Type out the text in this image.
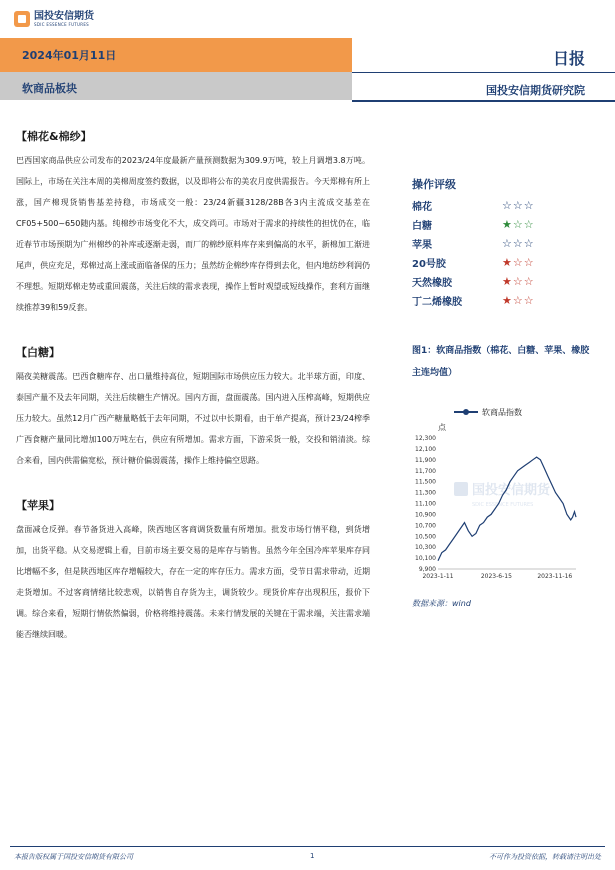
国投安信期货
SDIC ESSENCE FUTURES
2024年01月11日
软商品板块
日报
国投安信期货研究院
【棉花&棉纱】

巴西国家商品供应公司发布的2023/24年度最新产量预测数据为309.9万吨，较上月调增3.8万吨。国际上，市场在关注本周的美棉周度签约数据，以及即将公布的美农月度供需报告。今天郑棉有所上涨，国产棉现货销售基差持稳，市场成交一般：23/24新疆3128/28B各3内主流成交基差在CF05+500~650随内基。纯棉纱市场变化不大，成交尚可。市场对于需求的持续性的担忧仍在，临近春节市场预期为广州棉纱的补库或逐渐走弱，而厂的棉纱原料库存来到偏高的水平，新棉加工渐进尾声，供应充足，郑棉过高上涨或面临备保的压力；虽然纺企棉纱库存得到去化，但内地纺纱利润仍不理想。短期郑棉走势或重回震荡，关注后续的需求表现，操作上暂时观望或短线操作，套利方面继续推荐39和59反套。

【白糖】

隔夜美糖震荡。巴西食糖库存、出口量维持高位，短期国际市场供应压力较大。北半球方面，印度、泰国产量不及去年同期，关注后续糖生产情况。国内方面，盘面震荡。国内进入压榨高峰，短期供应压力较大。虽然12月广西产糖量略低于去年同期，不过以中长期看，由于单产提高，预计23/24榨季广西食糖产量同比增加100万吨左右，供应有所增加。需求方面，下游采货一般，交投和销清淡。综合来看，国内供需偏宽松，预计糖价偏弱震荡，操作上维持偏空思路。

【苹果】

盘面减仓反弹。春节备货进入高峰，陕西地区客商调货数量有所增加。批发市场行情平稳，到货增加，出货平稳。从交易逻辑上看，目前市场主要交易的是库存与销售。虽然今年全国冷库苹果库存同比增幅不多，但是陕西地区库存增幅较大，存在一定的库存压力。需求方面，受节日需求带动，近期走货增加。不过客商情绪比较悲观，以销售自存货为主，调货较少。现货价库存出现积压，报价下调。综合来看，短期行情依然偏弱，价格将维持震荡。未来行情发展的关键在于需求端，关注需求端能否继续回暖。

操作评级
棉花	☆☆☆
白糖	★☆☆
苹果	☆☆☆
20号胶	★☆☆
天然橡胶	★☆☆
丁二烯橡胶	★☆☆
图1：软商品指数（棉花、白糖、苹果、橡胶主连均值）
国投安信期货
SDIC ESSENCE FUTURES
软商品指数
点
12,300
12,100
11,900
11,700
11,500
11,300
11,100
10,900
10,700
10,500
10,300
10,100
9,900
2023-1-11	2023-6-15	2023-11-16
数据来源：wind
本报告版权属于国投安信期货有限公司	1	不可作为投资依据，转载请注明出处
